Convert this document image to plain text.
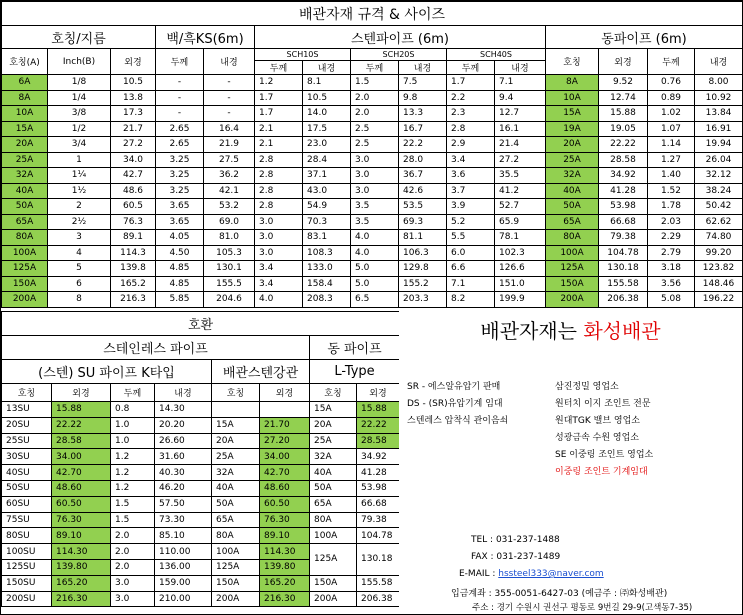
배관자재 규격 & 사이즈														
호칭/지름			백/흑KS(6m)		스텐파이프 (6m)						동파이프 (6m)			
호칭(A)	Inch(B)	외경	두께	내경	SCH10S		SCH20S		SCH40S		호칭	외경	두께	내경
					두께	내경	두께	내경	두께	내경				
6A	1/8	10.5	-	-	1.2	8.1	1.5	7.5	1.7	7.1	8A	9.52	0.76	8.00
8A	1/4	13.8	-	-	1.7	10.5	2.0	9.8	2.2	9.4	10A	12.74	0.89	10.92
10A	3/8	17.3	-	-	1.7	14.0	2.0	13.3	2.3	12.7	15A	15.88	1.02	13.84
15A	1/2	21.7	2.65	16.4	2.1	17.5	2.5	16.7	2.8	16.1	19A	19.05	1.07	16.91
20A	3/4	27.2	2.65	21.9	2.1	23.0	2.5	22.2	2.9	21.4	20A	22.22	1.14	19.94
25A	1	34.0	3.25	27.5	2.8	28.4	3.0	28.0	3.4	27.2	25A	28.58	1.27	26.04
32A	1¼	42.7	3.25	36.2	2.8	37.1	3.0	36.7	3.6	35.5	32A	34.92	1.40	32.12
40A	1½	48.6	3.25	42.1	2.8	43.0	3.0	42.6	3.7	41.2	40A	41.28	1.52	38.24
50A	2	60.5	3.65	53.2	2.8	54.9	3.5	53.5	3.9	52.7	50A	53.98	1.78	50.42
65A	2½	76.3	3.65	69.0	3.0	70.3	3.5	69.3	5.2	65.9	65A	66.68	2.03	62.62
80A	3	89.1	4.05	81.0	3.0	83.1	4.0	81.1	5.5	78.1	80A	79.38	2.29	74.80
100A	4	114.3	4.50	105.3	3.0	108.3	4.0	106.3	6.0	102.3	100A	104.78	2.79	99.20
125A	5	139.8	4.85	130.1	3.4	133.0	5.0	129.8	6.6	126.6	125A	130.18	3.18	123.82
150A	6	165.2	4.85	155.5	3.4	158.4	5.0	155.2	7.1	151.0	150A	155.58	3.56	148.46
200A	8	216.3	5.85	204.6	4.0	208.3	6.5	203.3	8.2	199.9	200A	206.38	5.08	196.22
호환							
스테인레스 파이프						동 파이프	
(스텐) SU 파이프 K타입				배관스텐강관		L-Type	
호칭	외경	두께	내경	호칭	외경	호칭	외경
13SU	15.88	0.8	14.30			15A	15.88
20SU	22.22	1.0	20.20	15A	21.70	20A	22.22
25SU	28.58	1.0	26.60	20A	27.20	25A	28.58
30SU	34.00	1.2	31.60	25A	34.00	32A	34.92
40SU	42.70	1.2	40.30	32A	42.70	40A	41.28
50SU	48.60	1.2	46.20	40A	48.60	50A	53.98
60SU	60.50	1.5	57.50	50A	60.50	65A	66.68
75SU	76.30	1.5	73.30	65A	76.30	80A	79.38
80SU	89.10	2.0	85.10	80A	89.10	100A	104.78
100SU	114.30	2.0	110.00	100A	114.30	125A	130.18
125SU	139.80	2.0	136.00	125A	139.80		
150SU	165.20	3.0	159.00	150A	165.20	150A	155.58
200SU	216.30	3.0	210.00	200A	216.30	200A	206.38
배관자재는 화성배관
SR - 에스알유압기 판매
DS - (SR)유압기계 임대
스텐레스 압착식 관이음쇠
삼진정밀 영업소
원터치 이지 조인트 전문
원대TGK 밸브 영업소
성광금속 수원 영업소
SE 이중링 조인트 영업소
이중링 조인트 기계임대
TEL : 031-237-1488
FAX : 031-237-1489
E-MAIL : hssteel333@naver.com
입금계좌 : 355-0051-6427-03 (예금주 : ㈜화성배관)
주소 : 경기 수원시 권선구 평동로 9번길 29-9(고색동7-35)
